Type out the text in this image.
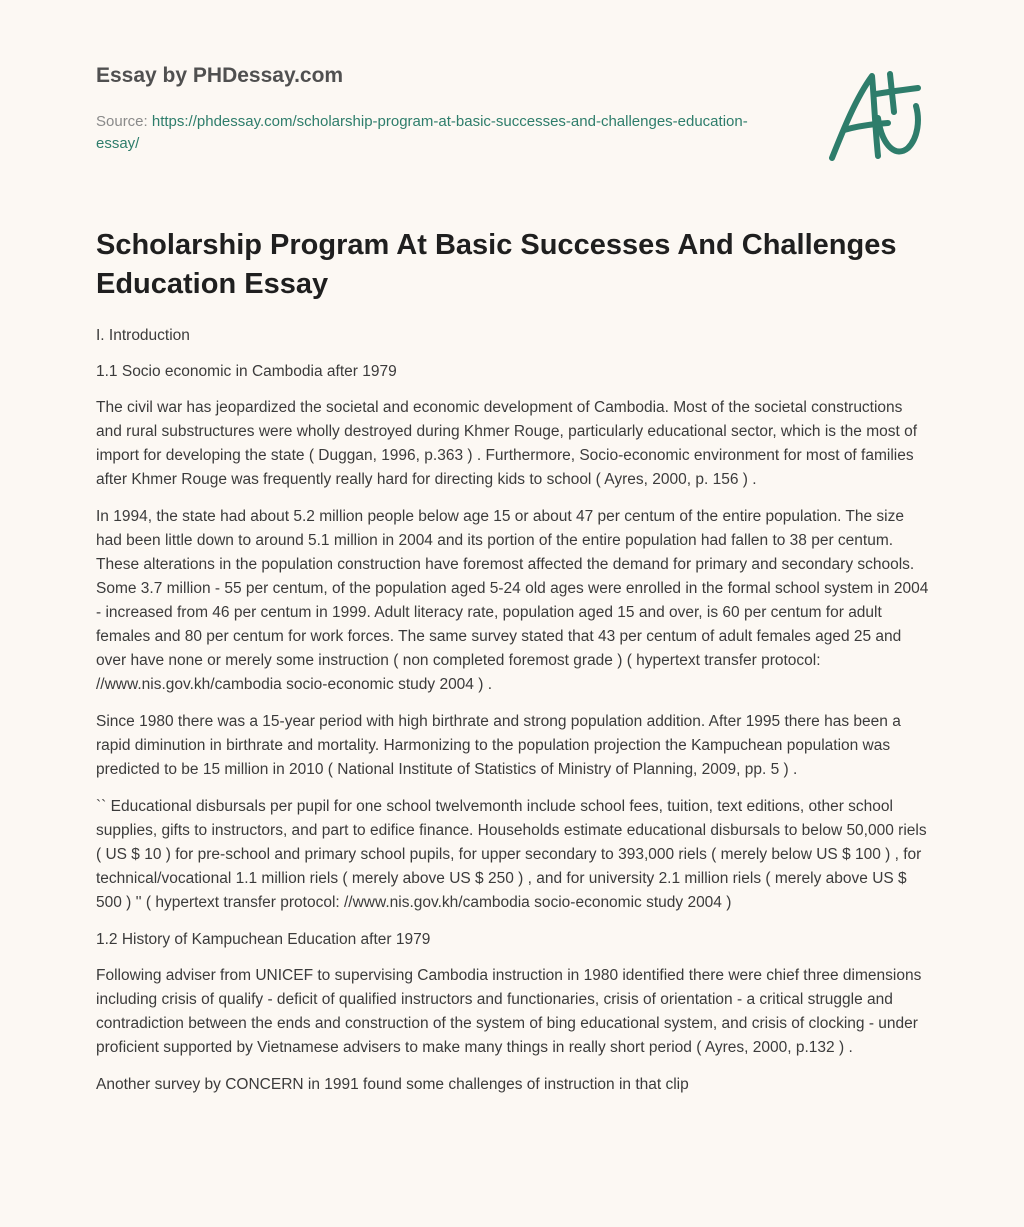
Essay by PHDessay.com

Source: https://phdessay.com/scholarship-program-at-basic-successes-and-challenges-education-essay/

Scholarship Program At Basic Successes And Challenges Education Essay

I. Introduction

1.1 Socio economic in Cambodia after 1979

The civil war has jeopardized the societal and economic development of Cambodia. Most of the societal constructions and rural substructures were wholly destroyed during Khmer Rouge, particularly educational sector, which is the most of import for developing the state ( Duggan, 1996, p.363 ) . Furthermore, Socio-economic environment for most of families after Khmer Rouge was frequently really hard for directing kids to school ( Ayres, 2000, p. 156 ) .

In 1994, the state had about 5.2 million people below age 15 or about 47 per centum of the entire population. The size had been little down to around 5.1 million in 2004 and its portion of the entire population had fallen to 38 per centum. These alterations in the population construction have foremost affected the demand for primary and secondary schools. Some 3.7 million - 55 per centum, of the population aged 5-24 old ages were enrolled in the formal school system in 2004 - increased from 46 per centum in 1999. Adult literacy rate, population aged 15 and over, is 60 per centum for adult females and 80 per centum for work forces. The same survey stated that 43 per centum of adult females aged 25 and over have none or merely some instruction ( non completed foremost grade ) ( hypertext transfer protocol: //www.nis.gov.kh/cambodia socio-economic study 2004 ) .

Since 1980 there was a 15-year period with high birthrate and strong population addition. After 1995 there has been a rapid diminution in birthrate and mortality. Harmonizing to the population projection the Kampuchean population was predicted to be 15 million in 2010 ( National Institute of Statistics of Ministry of Planning, 2009, pp. 5 ) .

`` Educational disbursals per pupil for one school twelvemonth include school fees, tuition, text editions, other school supplies, gifts to instructors, and part to edifice finance. Households estimate educational disbursals to below 50,000 riels ( US $ 10 ) for pre-school and primary school pupils, for upper secondary to 393,000 riels ( merely below US $ 100 ) , for technical/vocational 1.1 million riels ( merely above US $ 250 ) , and for university 2.1 million riels ( merely above US $ 500 ) '' ( hypertext transfer protocol: //www.nis.gov.kh/cambodia socio-economic study 2004 )

1.2 History of Kampuchean Education after 1979

Following adviser from UNICEF to supervising Cambodia instruction in 1980 identified there were chief three dimensions including crisis of qualify - deficit of qualified instructors and functionaries, crisis of orientation - a critical struggle and contradiction between the ends and construction of the system of bing educational system, and crisis of clocking - under proficient supported by Vietnamese advisers to make many things in really short period ( Ayres, 2000, p.132 ) .

Another survey by CONCERN in 1991 found some challenges of instruction in that clip
